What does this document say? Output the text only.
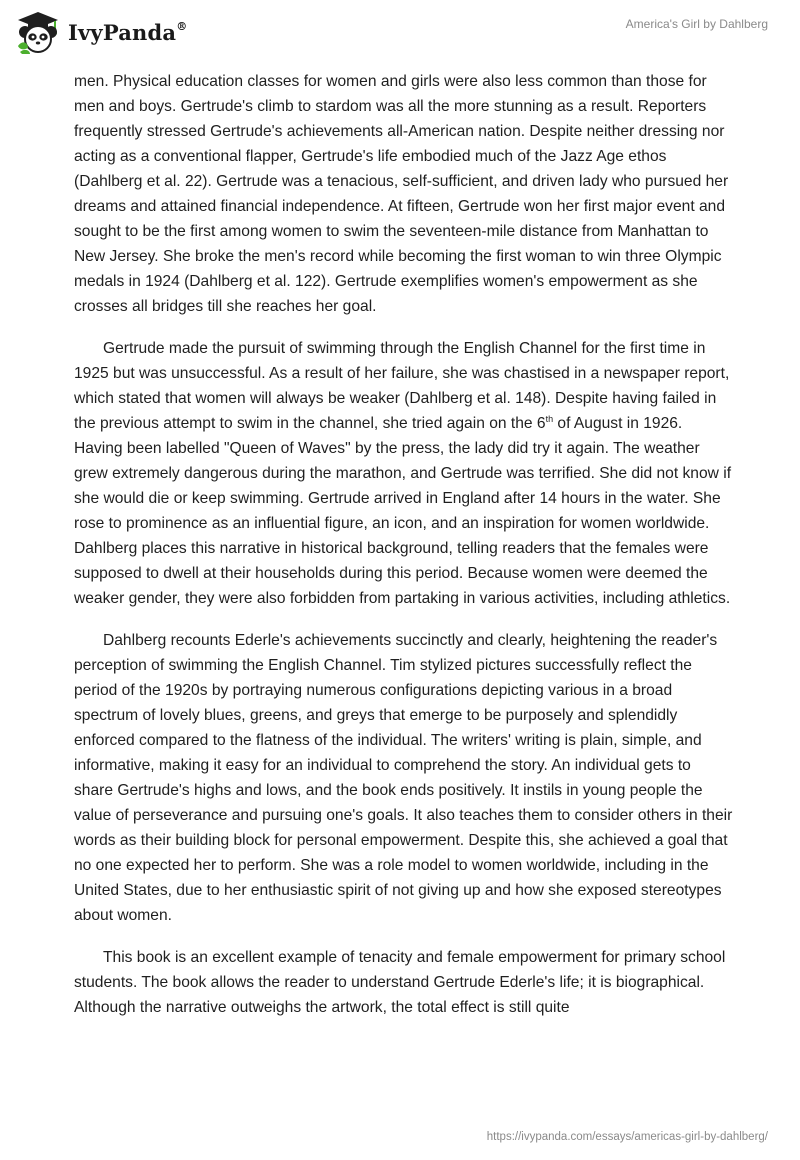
IvyPanda®	America's Girl by Dahlberg

men. Physical education classes for women and girls were also less common than those for men and boys. Gertrude's climb to stardom was all the more stunning as a result. Reporters frequently stressed Gertrude's achievements all-American nation. Despite neither dressing nor acting as a conventional flapper, Gertrude's life embodied much of the Jazz Age ethos (Dahlberg et al. 22). Gertrude was a tenacious, self-sufficient, and driven lady who pursued her dreams and attained financial independence. At fifteen, Gertrude won her first major event and sought to be the first among women to swim the seventeen-mile distance from Manhattan to New Jersey. She broke the men's record while becoming the first woman to win three Olympic medals in 1924 (Dahlberg et al. 122). Gertrude exemplifies women's empowerment as she crosses all bridges till she reaches her goal.

Gertrude made the pursuit of swimming through the English Channel for the first time in 1925 but was unsuccessful. As a result of her failure, she was chastised in a newspaper report, which stated that women will always be weaker (Dahlberg et al. 148). Despite having failed in the previous attempt to swim in the channel, she tried again on the 6th of August in 1926. Having been labelled "Queen of Waves" by the press, the lady did try it again. The weather grew extremely dangerous during the marathon, and Gertrude was terrified. She did not know if she would die or keep swimming. Gertrude arrived in England after 14 hours in the water. She rose to prominence as an influential figure, an icon, and an inspiration for women worldwide. Dahlberg places this narrative in historical background, telling readers that the females were supposed to dwell at their households during this period. Because women were deemed the weaker gender, they were also forbidden from partaking in various activities, including athletics.

Dahlberg recounts Ederle's achievements succinctly and clearly, heightening the reader's perception of swimming the English Channel. Tim stylized pictures successfully reflect the period of the 1920s by portraying numerous configurations depicting various in a broad spectrum of lovely blues, greens, and greys that emerge to be purposely and splendidly enforced compared to the flatness of the individual. The writers' writing is plain, simple, and informative, making it easy for an individual to comprehend the story. An individual gets to share Gertrude's highs and lows, and the book ends positively. It instils in young people the value of perseverance and pursuing one's goals. It also teaches them to consider others in their words as their building block for personal empowerment. Despite this, she achieved a goal that no one expected her to perform. She was a role model to women worldwide, including in the United States, due to her enthusiastic spirit of not giving up and how she exposed stereotypes about women.

This book is an excellent example of tenacity and female empowerment for primary school students. The book allows the reader to understand Gertrude Ederle's life; it is biographical. Although the narrative outweighs the artwork, the total effect is still quite

https://ivypanda.com/essays/americas-girl-by-dahlberg/
